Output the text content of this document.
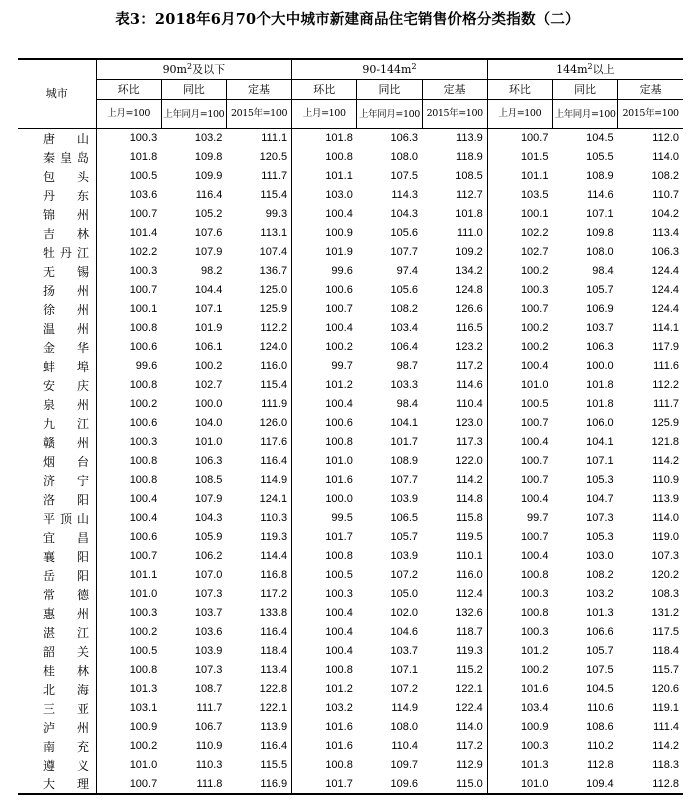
表3：2018年6月70个大中城市新建商品住宅销售价格分类指数（二）
城市	$90m^2$及以下			$90-144m^2$			$144m^2$以上		
	环比	同比	定基	环比	同比	定基	环比	同比	定基
	上月=100	上年同月=100	2015年=100	上月=100	上年同月=100	2015年=100	上月=100	上年同月=100	2015年=100
唐山	100.3	103.2	111.1	101.8	106.3	113.9	100.7	104.5	112.0
秦皇岛	101.8	109.8	120.5	100.8	108.0	118.9	101.5	105.5	114.0
包头	100.5	109.9	111.7	101.1	107.5	108.5	101.1	108.9	108.2
丹东	103.6	116.4	115.4	103.0	114.3	112.7	103.5	114.6	110.7
锦州	100.7	105.2	99.3	100.4	104.3	101.8	100.1	107.1	104.2
吉林	101.4	107.6	113.1	100.9	105.6	111.0	102.2	109.8	113.4
牡丹江	102.2	107.9	107.4	101.9	107.7	109.2	102.7	108.0	106.3
无锡	100.3	98.2	136.7	99.6	97.4	134.2	100.2	98.4	124.4
扬州	100.7	104.4	125.0	100.6	105.6	124.8	100.3	105.7	124.4
徐州	100.1	107.1	125.9	100.7	108.2	126.6	100.7	106.9	124.4
温州	100.8	101.9	112.2	100.4	103.4	116.5	100.2	103.7	114.1
金华	100.6	106.1	124.0	100.2	106.4	123.2	100.2	106.3	117.9
蚌埠	99.6	100.2	116.0	99.7	98.7	117.2	100.4	100.0	111.6
安庆	100.8	102.7	115.4	101.2	103.3	114.6	101.0	101.8	112.2
泉州	100.2	100.0	111.9	100.4	98.4	110.4	100.5	101.8	111.7
九江	100.6	104.0	126.0	100.6	104.1	123.0	100.7	106.0	125.9
赣州	100.3	101.0	117.6	100.8	101.7	117.3	100.4	104.1	121.8
烟台	100.8	106.3	116.4	101.0	108.9	122.0	100.7	107.1	114.2
济宁	100.8	108.5	114.9	101.6	107.7	114.2	100.7	105.3	110.9
洛阳	100.4	107.9	124.1	100.0	103.9	114.8	100.4	104.7	113.9
平顶山	100.4	104.3	110.3	99.5	106.5	115.8	99.7	107.3	114.0
宜昌	100.6	105.9	119.3	101.7	105.7	119.5	100.7	105.3	119.0
襄阳	100.7	106.2	114.4	100.8	103.9	110.1	100.4	103.0	107.3
岳阳	101.1	107.0	116.8	100.5	107.2	116.0	100.8	108.2	120.2
常德	101.0	107.3	117.2	100.3	105.0	112.4	100.3	103.2	108.3
惠州	100.3	103.7	133.8	100.4	102.0	132.6	100.8	101.3	131.2
湛江	100.2	103.6	116.4	100.4	104.6	118.7	100.3	106.6	117.5
韶关	100.5	103.9	118.4	100.4	103.7	119.3	101.2	105.7	118.4
桂林	100.8	107.3	113.4	100.8	107.1	115.2	100.2	107.5	115.7
北海	101.3	108.7	122.8	101.2	107.2	122.1	101.6	104.5	120.6
三亚	103.1	111.7	122.1	103.2	114.9	122.4	103.4	110.6	119.1
泸州	100.9	106.7	113.9	101.6	108.0	114.0	100.9	108.6	111.4
南充	100.2	110.9	116.4	101.6	110.4	117.2	100.3	110.2	114.2
遵义	101.0	110.3	115.5	100.8	109.7	112.9	101.3	112.8	118.3
大理	100.7	111.8	116.9	101.7	109.6	115.0	101.0	109.4	112.8
